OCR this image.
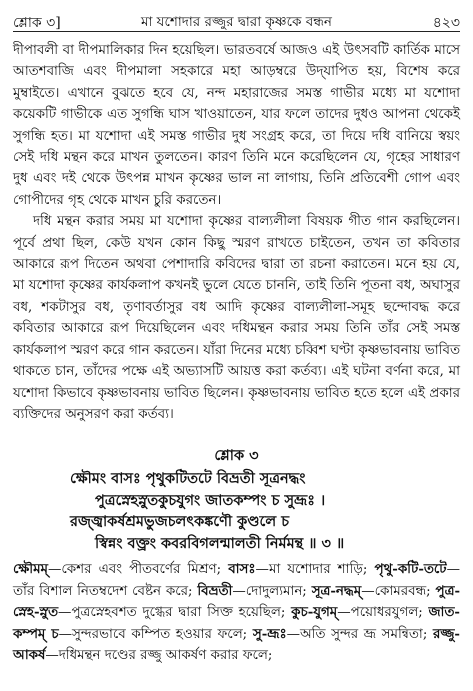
শ্লোক ৩]	মা যশোদার রজ্জুর দ্বারা কৃষ্ণকে বন্ধন	৪২৩

দীপাবলী বা দীপমালিকার দিন হয়েছিল। ভারতবর্ষে আজও এই উৎসবটি কার্তিক মাসে আতশবাজি এবং দীপমালা সহকারে মহা আড়ম্বরে উদ্‌যাপিত হয়, বিশেষ করে মুম্বাইতে। এখানে বুঝতে হবে যে, নন্দ মহারাজের সমস্ত গাভীর মধ্যে মা যশোদা কয়েকটি গাভীকে এত সুগন্ধি ঘাস খাওয়াতেন, যার ফলে তাদের দুধও আপনা থেকেই সুগন্ধি হত। মা যশোদা এই সমস্ত গাভীর দুধ সংগ্রহ করে, তা দিয়ে দধি বানিয়ে স্বয়ং সেই দধি মন্থন করে মাখন তুলতেন। কারণ তিনি মনে করেছিলেন যে, গৃহের সাধারণ দুধ এবং দই থেকে উৎপন্ন মাখন কৃষ্ণের ভাল না লাগায়, তিনি প্রতিবেশী গোপ এবং গোপীদের গৃহ থেকে মাখন চুরি করতেন।

দধি মন্থন করার সময় মা যশোদা কৃষ্ণের বাল্যলীলা বিষয়ক গীত গান করছিলেন। পূর্বে প্রথা ছিল, কেউ যখন কোন কিছু স্মরণ রাখতে চাইতেন, তখন তা কবিতার আকারে রূপ দিতেন অথবা পেশাদারি কবিদের দ্বারা তা রচনা করাতেন। মনে হয় যে, মা যশোদা কৃষ্ণের কার্যকলাপ কখনই ভুলে যেতে চাননি, তাই তিনি পূতনা বধ, অঘাসুর বধ, শকটাসুর বধ, তৃণাবর্তাসুর বধ আদি কৃষ্ণের বাল্যলীলা-সমূহ ছন্দোবদ্ধ করে কবিতার আকারে রূপ দিয়েছিলেন এবং দধিমন্থন করার সময় তিনি তাঁর সেই সমস্ত কার্যকলাপ স্মরণ করে গান করতেন। যাঁরা দিনের মধ্যে চব্বিশ ঘণ্টা কৃষ্ণভাবনায় ভাবিত থাকতে চান, তাঁদের পক্ষে এই অভ্যাসটি আয়ত্ত করা কর্তব্য। এই ঘটনা বর্ণনা করে, মা যশোদা কিভাবে কৃষ্ণভাবনায় ভাবিত ছিলেন। কৃষ্ণভাবনায় ভাবিত হতে হলে এই প্রকার ব্যক্তিদের অনুসরণ করা কর্তব্য।

শ্লোক ৩
ক্ষৌমং বাসঃ পৃথুকটিতটে বিভ্রতী সূত্রনদ্ধং
পুত্রস্নেহস্নুতকুচযুগং জাতকম্পং চ সুভ্রূঃ ।
রজ্জ্বাকর্ষশ্রমভুজচলৎকঙ্কণৌ কুণ্ডলে চ
স্বিন্নং বক্ত্রং কবরবিগলন্মালতী নির্মমন্থ ॥ ৩ ॥
ক্ষৌমম্—কেশর এবং পীতবর্ণের মিশ্রণ; বাসঃ—মা যশোদার শাড়ি; পৃথু-কটি-তটে—তাঁর বিশাল নিতম্বদেশ বেষ্টন করে; বিভ্রতী—দোদুল্যমান; সূত্র-নদ্ধম্—কোমরবন্ধ; পুত্র-স্নেহ-স্নুত—পুত্রস্নেহবশত দুগ্ধের দ্বারা সিক্ত হয়েছিল; কুচ-যুগম্—পয়োধরযুগল; জাত-কম্পম্ চ—সুন্দরভাবে কম্পিত হওয়ার ফলে; সু-ভ্রূঃ—অতি সুন্দর ভ্রূ সমন্বিতা; রজ্জু-আকর্ষ—দধিমন্থন দণ্ডের রজ্জু আকর্ষণ করার ফলে;
